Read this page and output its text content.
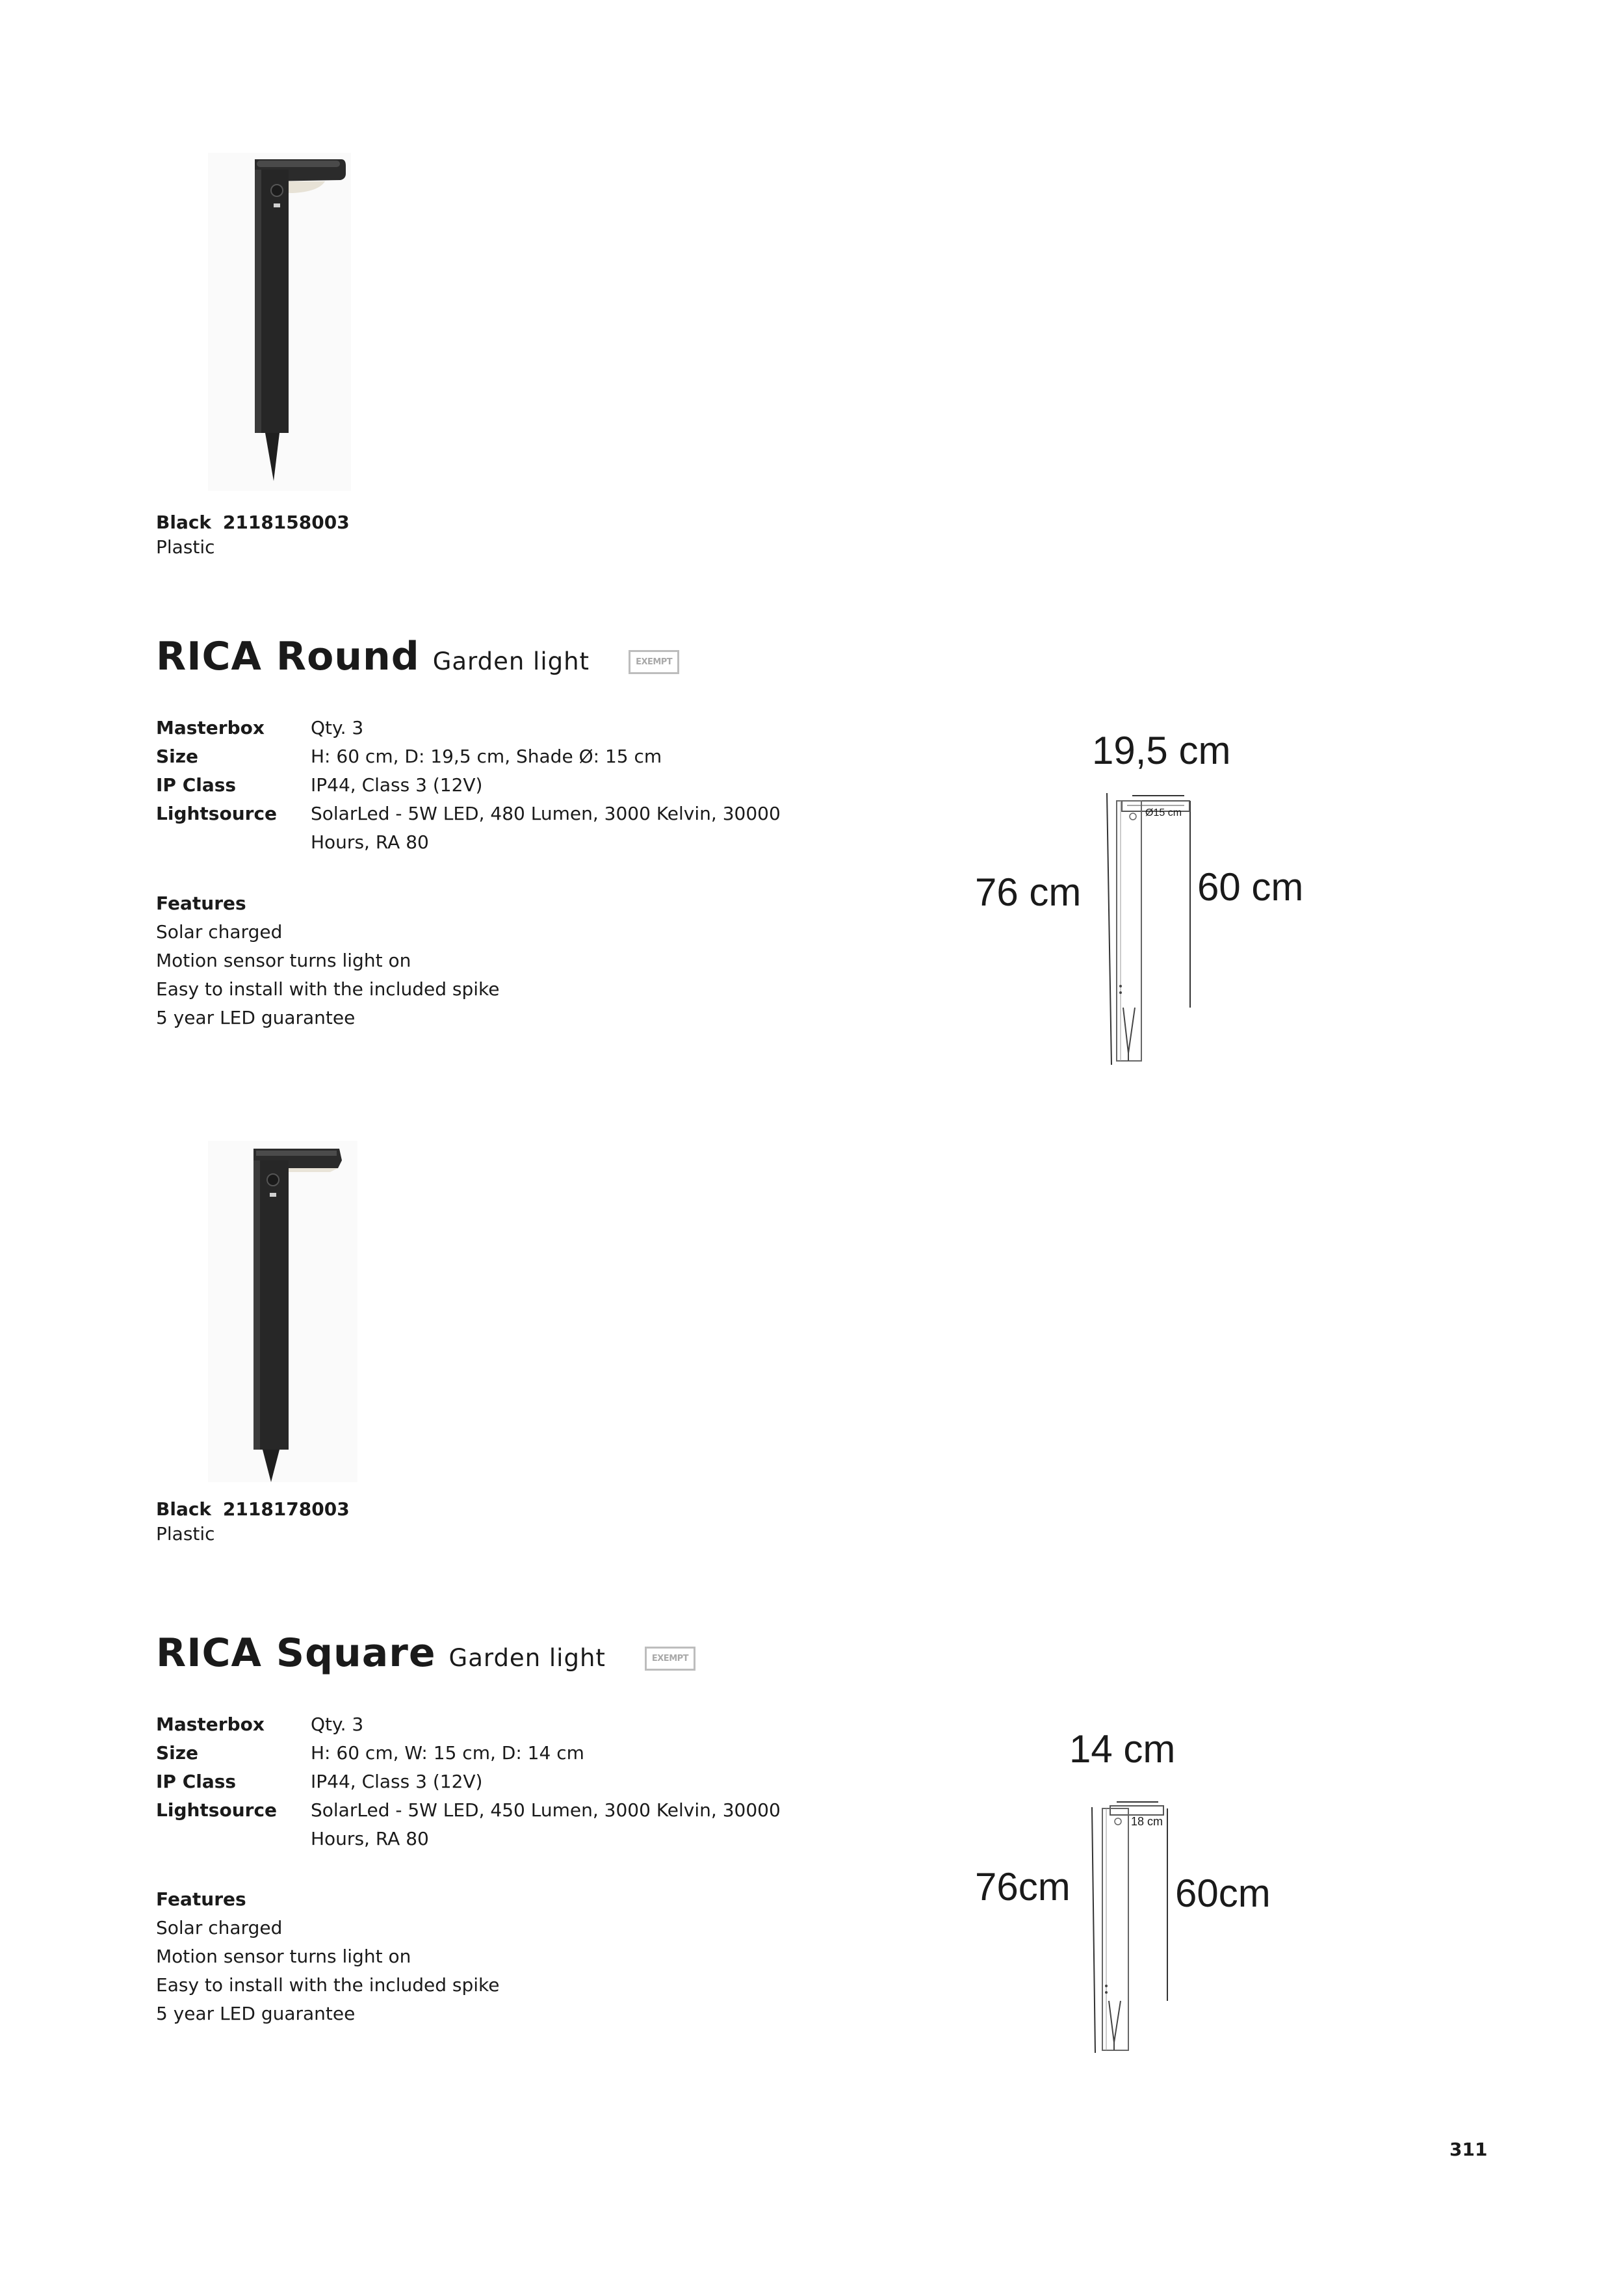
Black 2118158003
Plastic
RICA Round Garden light	EXEMPT
Masterbox	Qty. 3
Size	H: 60 cm, D: 19,5 cm, Shade Ø: 15 cm
IP Class	IP44, Class 3 (12V)
Lightsource	SolarLed - 5W LED, 480 Lumen, 3000 Kelvin, 30000 Hours, RA 80
Features
Solar charged
Motion sensor turns light on
Easy to install with the included spike
5 year LED guarantee
19,5 cm
Ø15 cm
76 cm	60 cm
Black 2118178003
Plastic
RICA Square Garden light	EXEMPT
Masterbox	Qty. 3
Size	H: 60 cm, W: 15 cm, D: 14 cm
IP Class	IP44, Class 3 (12V)
Lightsource	SolarLed - 5W LED, 450 Lumen, 3000 Kelvin, 30000 Hours, RA 80
Features
Solar charged
Motion sensor turns light on
Easy to install with the included spike
5 year LED guarantee
14 cm
18 cm
76cm	60cm
311
